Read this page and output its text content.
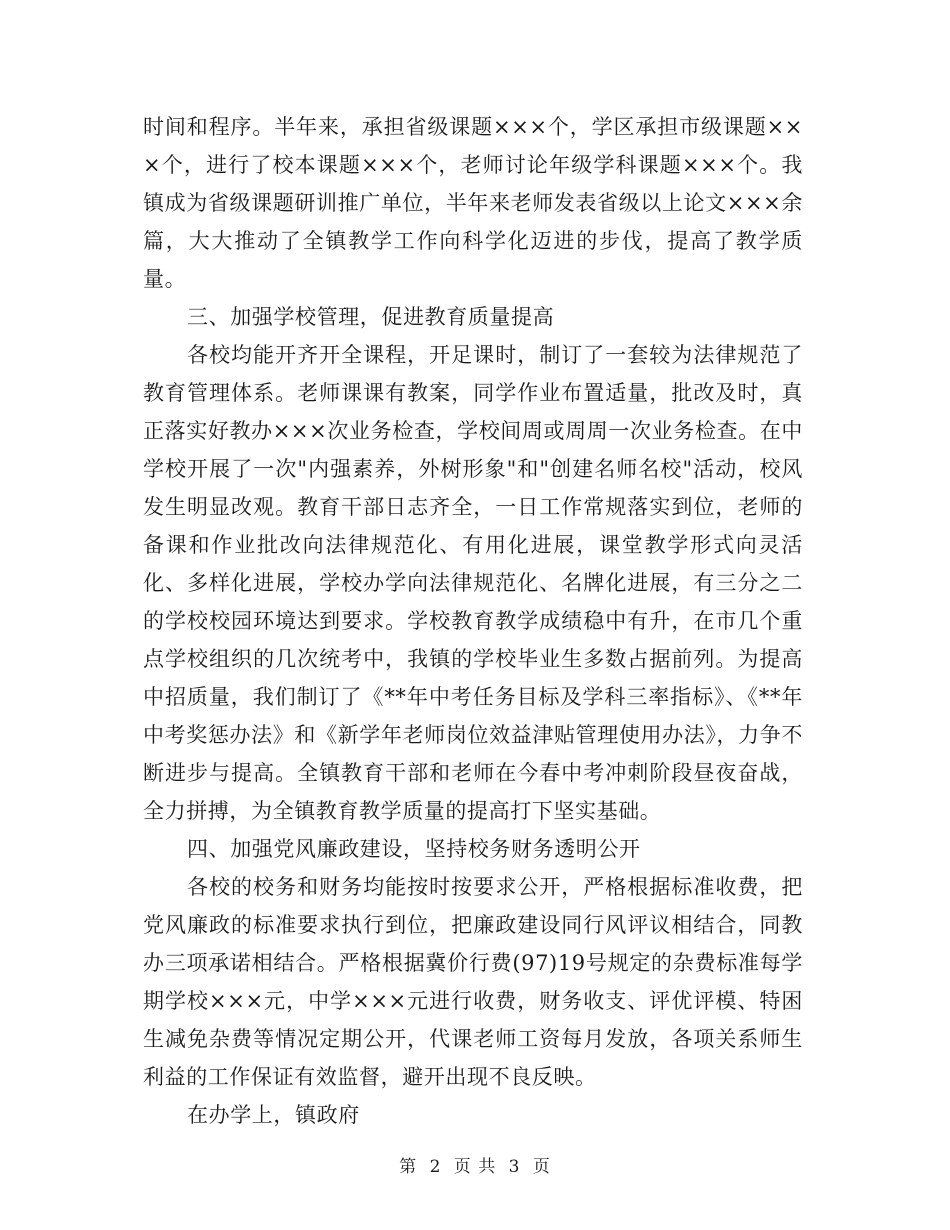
时间和程序。半年来，承担省级课题×××个，学区承担市级课题×××个，进行了校本课题×××个，老师讨论年级学科课题×××个。我镇成为省级课题研训推广单位，半年来老师发表省级以上论文×××余篇，大大推动了全镇教学工作向科学化迈进的步伐，提高了教学质量。

三、加强学校管理，促进教育质量提高

各校均能开齐开全课程，开足课时，制订了一套较为法律规范了教育管理体系。老师课课有教案，同学作业布置适量，批改及时，真正落实好教办×××次业务检查，学校间周或周周一次业务检查。在中学校开展了一次"内强素养，外树形象"和"创建名师名校"活动，校风发生明显改观。教育干部日志齐全，一日工作常规落实到位，老师的备课和作业批改向法律规范化、有用化进展，课堂教学形式向灵活化、多样化进展，学校办学向法律规范化、名牌化进展，有三分之二的学校校园环境达到要求。学校教育教学成绩稳中有升，在市几个重点学校组织的几次统考中，我镇的学校毕业生多数占据前列。为提高中招质量，我们制订了《**年中考任务目标及学科三率指标》、《**年中考奖惩办法》和《新学年老师岗位效益津贴管理使用办法》，力争不断进步与提高。全镇教育干部和老师在今春中考冲刺阶段昼夜奋战，全力拼搏，为全镇教育教学质量的提高打下坚实基础。

四、加强党风廉政建设，坚持校务财务透明公开

各校的校务和财务均能按时按要求公开，严格根据标准收费，把党风廉政的标准要求执行到位，把廉政建设同行风评议相结合，同教办三项承诺相结合。严格根据冀价行费(97)19号规定的杂费标准每学期学校×××元，中学×××元进行收费，财务收支、评优评模、特困生减免杂费等情况定期公开，代课老师工资每月发放，各项关系师生利益的工作保证有效监督，避开出现不良反映。

在办学上，镇政府

第 2 页 共 3 页
